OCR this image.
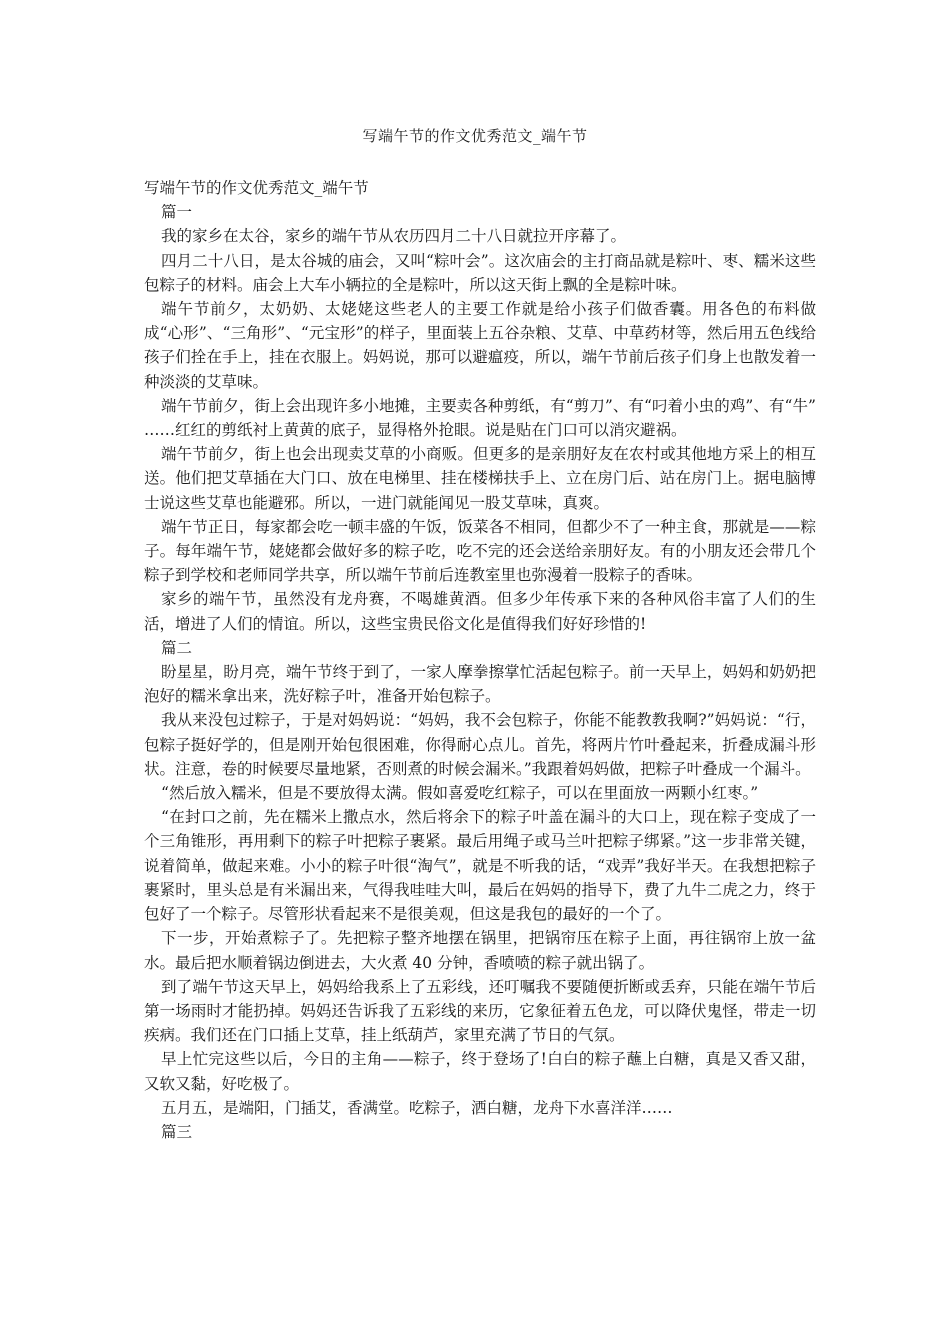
写端午节的作文优秀范文_端午节

写端午节的作文优秀范文_端午节

篇一

我的家乡在太谷，家乡的端午节从农历四月二十八日就拉开序幕了。

四月二十八日，是太谷城的庙会，又叫“粽叶会”。这次庙会的主打商品就是粽叶、枣、糯米这些包粽子的材料。庙会上大车小辆拉的全是粽叶，所以这天街上飘的全是粽叶味。

端午节前夕，太奶奶、太姥姥这些老人的主要工作就是给小孩子们做香囊。用各色的布料做成“心形”、“三角形”、“元宝形”的样子，里面装上五谷杂粮、艾草、中草药材等，然后用五色线给孩子们拴在手上，挂在衣服上。妈妈说，那可以避瘟疫，所以，端午节前后孩子们身上也散发着一种淡淡的艾草味。

端午节前夕，街上会出现许多小地摊，主要卖各种剪纸，有“剪刀”、有“叼着小虫的鸡”、有“牛” ……红红的剪纸衬上黄黄的底子，显得格外抢眼。说是贴在门口可以消灾避祸。

端午节前夕，街上也会出现卖艾草的小商贩。但更多的是亲朋好友在农村或其他地方采上的相互送。他们把艾草插在大门口、放在电梯里、挂在楼梯扶手上、立在房门后、站在房门上。据电脑博士说这些艾草也能避邪。所以，一进门就能闻见一股艾草味，真爽。

端午节正日，每家都会吃一顿丰盛的午饭，饭菜各不相同，但都少不了一种主食，那就是——粽子。每年端午节，姥姥都会做好多的粽子吃，吃不完的还会送给亲朋好友。有的小朋友还会带几个粽子到学校和老师同学共享，所以端午节前后连教室里也弥漫着一股粽子的香味。

家乡的端午节，虽然没有龙舟赛，不喝雄黄酒。但多少年传承下来的各种风俗丰富了人们的生活，增进了人们的情谊。所以，这些宝贵民俗文化是值得我们好好珍惜的!

篇二

盼星星，盼月亮，端午节终于到了，一家人摩拳擦掌忙活起包粽子。前一天早上，妈妈和奶奶把泡好的糯米拿出来，洗好粽子叶，准备开始包粽子。

我从来没包过粽子，于是对妈妈说：“妈妈，我不会包粽子，你能不能教教我啊?”妈妈说：“行，包粽子挺好学的，但是刚开始包很困难，你得耐心点儿。首先，将两片竹叶叠起来，折叠成漏斗形状。注意，卷的时候要尽量地紧，否则煮的时候会漏米。”我跟着妈妈做，把粽子叶叠成一个漏斗。

“然后放入糯米，但是不要放得太满。假如喜爱吃红粽子，可以在里面放一两颗小红枣。”

“在封口之前，先在糯米上撒点水，然后将余下的粽子叶盖在漏斗的大口上，现在粽子变成了一个三角锥形，再用剩下的粽子叶把粽子裹紧。最后用绳子或马兰叶把粽子绑紧。”这一步非常关键，说着简单，做起来难。小小的粽子叶很“淘气”，就是不听我的话，“戏弄”我好半天。在我想把粽子裹紧时，里头总是有米漏出来，气得我哇哇大叫，最后在妈妈的指导下，费了九牛二虎之力，终于包好了一个粽子。尽管形状看起来不是很美观，但这是我包的最好的一个了。

下一步，开始煮粽子了。先把粽子整齐地摆在锅里，把锅帘压在粽子上面，再往锅帘上放一盆水。最后把水顺着锅边倒进去，大火煮 40 分钟，香喷喷的粽子就出锅了。

到了端午节这天早上，妈妈给我系上了五彩线，还叮嘱我不要随便折断或丢弃，只能在端午节后第一场雨时才能扔掉。妈妈还告诉我了五彩线的来历，它象征着五色龙，可以降伏鬼怪，带走一切疾病。我们还在门口插上艾草，挂上纸葫芦，家里充满了节日的气氛。

早上忙完这些以后，今日的主角——粽子，终于登场了!白白的粽子蘸上白糖，真是又香又甜，又软又黏，好吃极了。

五月五，是端阳，门插艾，香满堂。吃粽子，洒白糖，龙舟下水喜洋洋……

篇三
